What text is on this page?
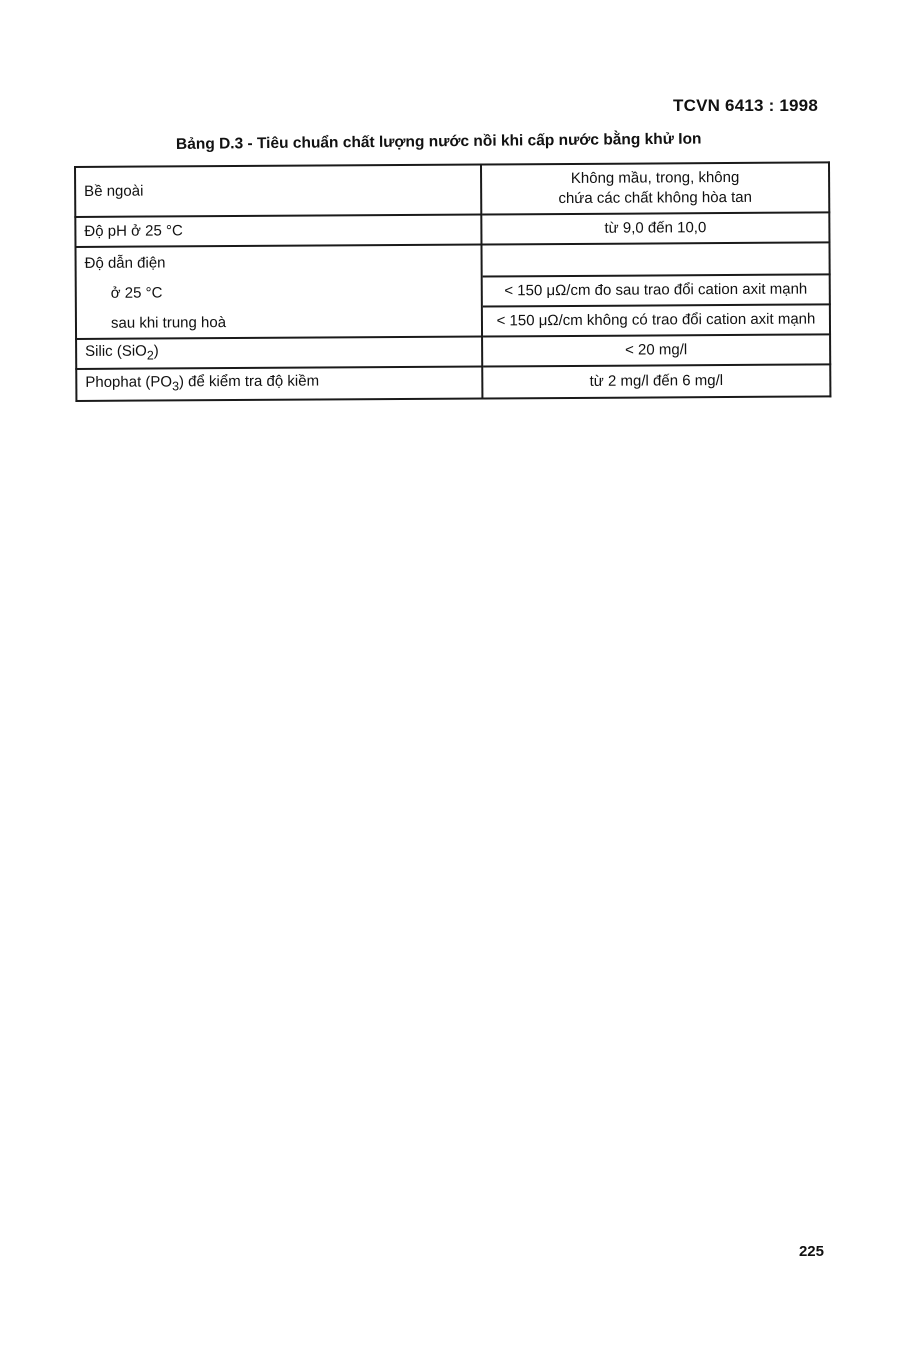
TCVN 6413 : 1998
Bảng D.3 - Tiêu chuẩn chất lượng nước nồi khi cấp nước bằng khử Ion
Bề ngoài	Không mầu, trong, không
chứa các chất không hòa tan

Độ pH ở 25 °C	từ 9,0 đến 10,0
Độ dẫn điện	
ở 25 °C	< 150 μΩ/cm đo sau trao đổi cation axit mạnh
sau khi trung hoà	< 150 μΩ/cm không có trao đổi cation axit mạnh
Silic (SiO$_2$)	< 20 mg/l
Phophat $(PO_3)$ để kiểm tra độ kiềm	từ 2 mg/l đến 6 mg/l
225
